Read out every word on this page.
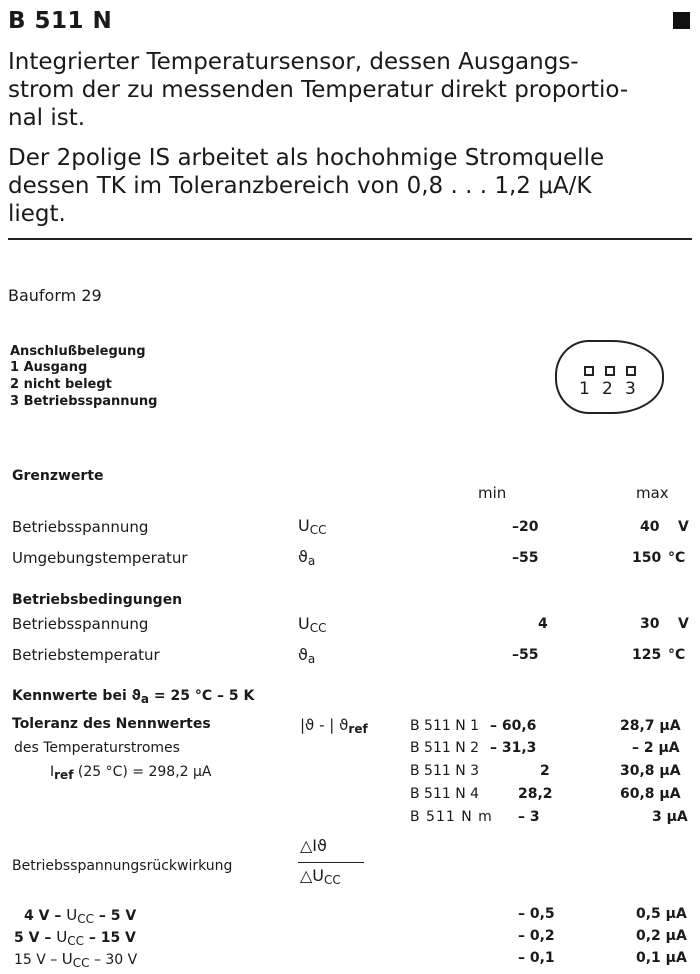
B 511 N
Integrierter Temperatursensor, dessen Ausgangs-
strom der zu messenden Temperatur direkt proportio-
nal ist.
Der 2polige IS arbeitet als hochohmige Stromquelle
dessen TK im Toleranzbereich von 0,8 . . . 1,2 μA/K
liegt.
Bauform 29
Anschlußbelegung
1 Ausgang
2 nicht belegt
3 Betriebsspannung
1 2 3
Grenzwerte
min	max
Betriebsspannung	$U_{CC}$	–20	40 V
Umgebungstemperatur	$ϑ_a$	–55	150 °C
Betriebsbedingungen
Betriebsspannung	$U_{CC}$	4	30 V
Betriebstemperatur	$ϑ_a$	–55	125 °C
Kennwerte bei ϑa = 25 °C – 5 K
Toleranz des Nennwertes
des Temperaturstromes
Iref (25 °C) = 298,2 μA
|ϑ - | $ϑ_{ref}$	B 511 N 1 – 60,6	28,7 μA
B 511 N 2 – 31,3	– 2 μA
B 511 N 3	2	30,8 μA
B 511 N 4	28,2	60,8 μA
B 511 N m – 3	3 μA
Betriebsspannungsrückwirkung
△Iϑ
$\triangle U_{CC}$
4 V – UCC – 5 V	– 0,5	0,5 μA
5 V – UCC – 15 V	– 0,2	0,2 μA
15 V – UCC – 30 V	– 0,1	0,1 μA
